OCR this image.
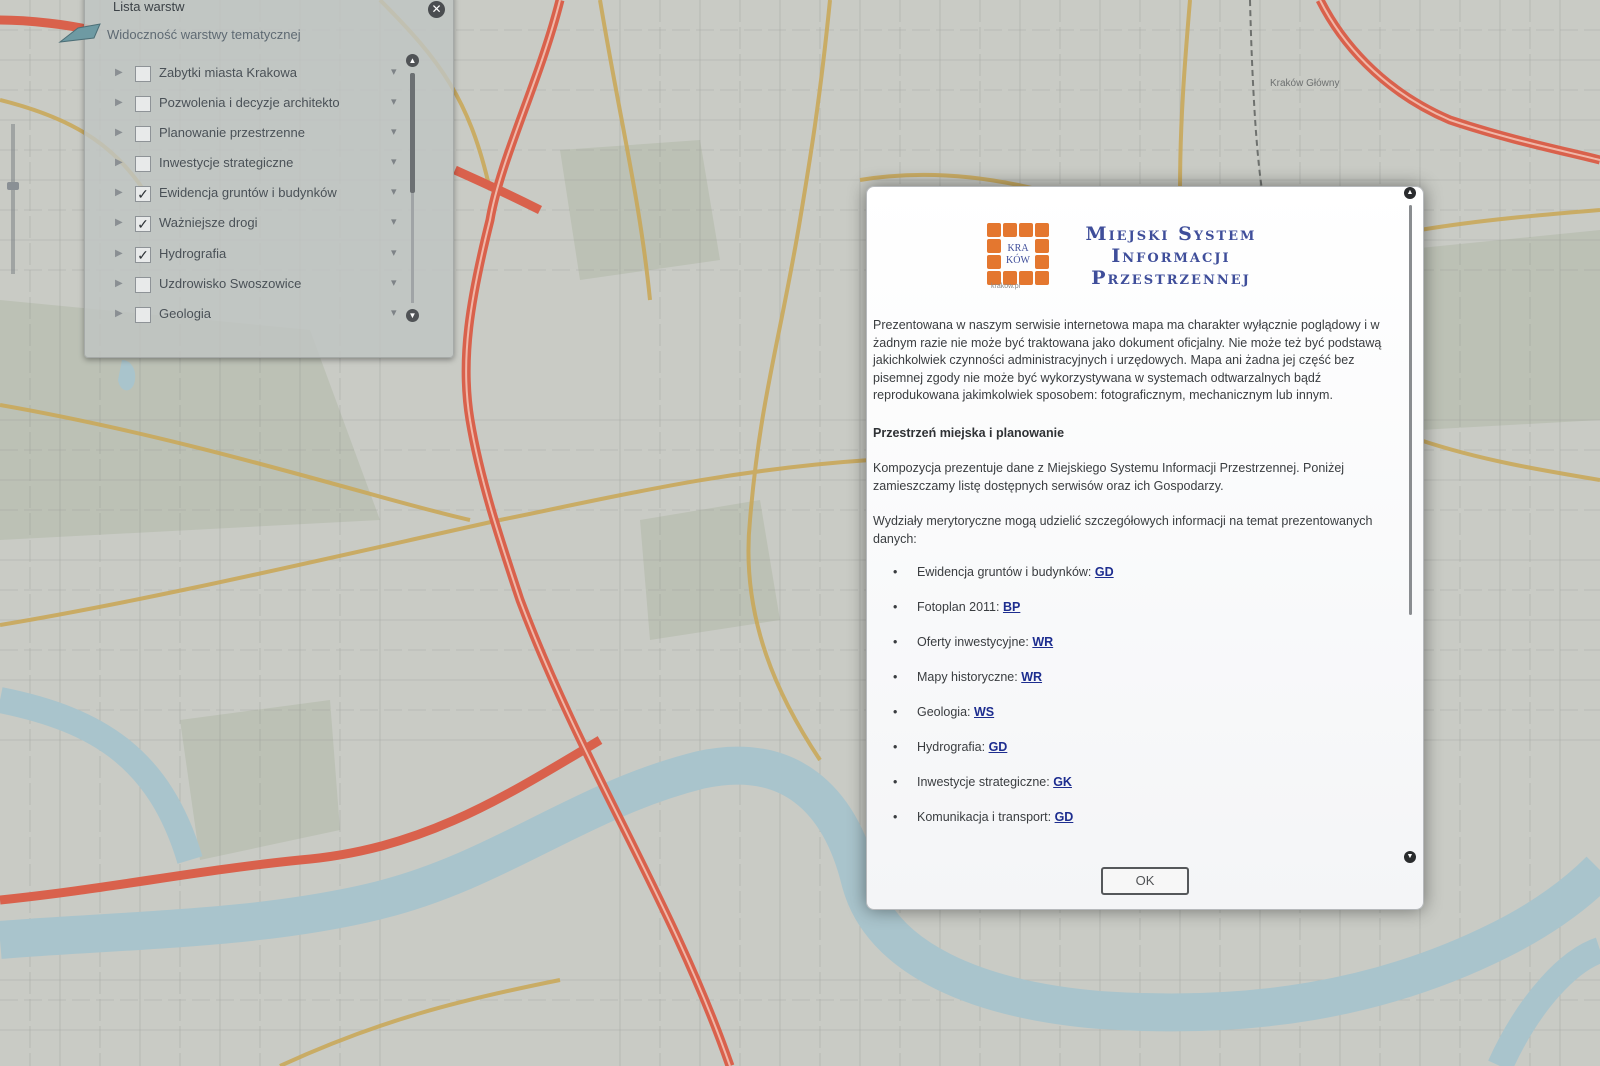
Kraków Główny
Lista warstw	✕
Widoczność warstwy tematycznej
▶	Zabytki miasta Krakowa	▾
▶	Pozwolenia i decyzje architekto	▾
▶	Planowanie przestrzenne	▾
▶	Inwestycje strategiczne	▾
▶ ✓ Ewidencja gruntów i budynków	▾
▶ ✓ Ważniejsze drogi	▾
▶ ✓ Hydrografia	▾
▶	Uzdrowisko Swoszowice	▾
▶	Geologia	▾
▲
▼
▲
▼
KRA
KÓW
krakow.pl
Miejski System Informacji Przestrzennej

Prezentowana w naszym serwisie internetowa mapa ma charakter wyłącznie poglądowy i w żadnym razie nie może być traktowana jako dokument oficjalny. Nie może też być podstawą jakichkolwiek czynności administracyjnych i urzędowych. Mapa ani żadna jej część bez pisemnej zgody nie może być wykorzystywana w systemach odtwarzalnych bądź reprodukowana jakimkolwiek sposobem: fotograficznym, mechanicznym lub innym.

Przestrzeń miejska i planowanie

Kompozycja prezentuje dane z Miejskiego Systemu Informacji Przestrzennej. Poniżej zamieszczamy listę dostępnych serwisów oraz ich Gospodarzy.

Wydziały merytoryczne mogą udzielić szczegółowych informacji na temat prezentowanych danych:

• Ewidencja gruntów i budynków: GD
• Fotoplan 2011: BP
• Oferty inwestycyjne: WR
• Mapy historyczne: WR
• Geologia: WS
• Hydrografia: GD
• Inwestycje strategiczne: GK
• Komunikacja i transport: GD
OK
